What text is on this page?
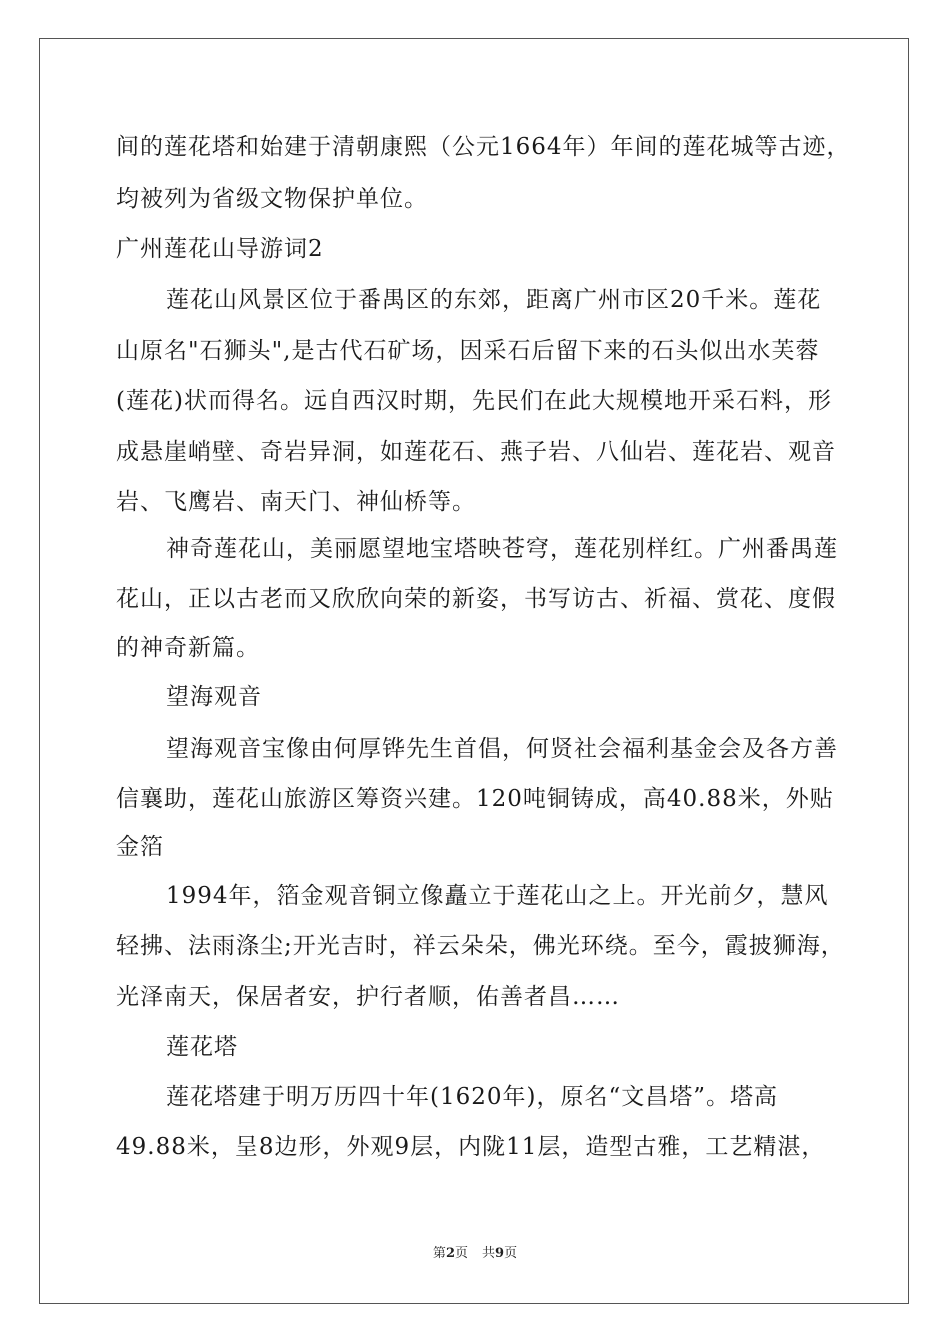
间的莲花塔和始建于清朝康熙（公元1664年）年间的莲花城等古迹，
均被列为省级文物保护单位。
广州莲花山导游词2
莲花山风景区位于番禺区的东郊，距离广州市区20千米。莲花
山原名"石狮头",是古代石矿场，因采石后留下来的石头似出水芙蓉
(莲花)状而得名。远自西汉时期，先民们在此大规模地开采石料，形
成悬崖峭壁、奇岩异洞，如莲花石、燕子岩、八仙岩、莲花岩、观音
岩、飞鹰岩、南天门、神仙桥等。
神奇莲花山，美丽愿望地宝塔映苍穹，莲花别样红。广州番禺莲
花山，正以古老而又欣欣向荣的新姿，书写访古、祈福、赏花、度假
的神奇新篇。
望海观音
望海观音宝像由何厚铧先生首倡，何贤社会福利基金会及各方善
信襄助，莲花山旅游区筹资兴建。120吨铜铸成，高40.88米，外贴
金箔
1994年，箔金观音铜立像矗立于莲花山之上。开光前夕，慧风
轻拂、法雨涤尘;开光吉时，祥云朵朵，佛光环绕。至今，霞披狮海，
光泽南天，保居者安，护行者顺，佑善者昌……
莲花塔
莲花塔建于明万历四十年(1620年)，原名“文昌塔”。塔高
49.88米，呈8边形，外观9层，内陇11层，造型古雅，工艺精湛，
第2页 共9页
